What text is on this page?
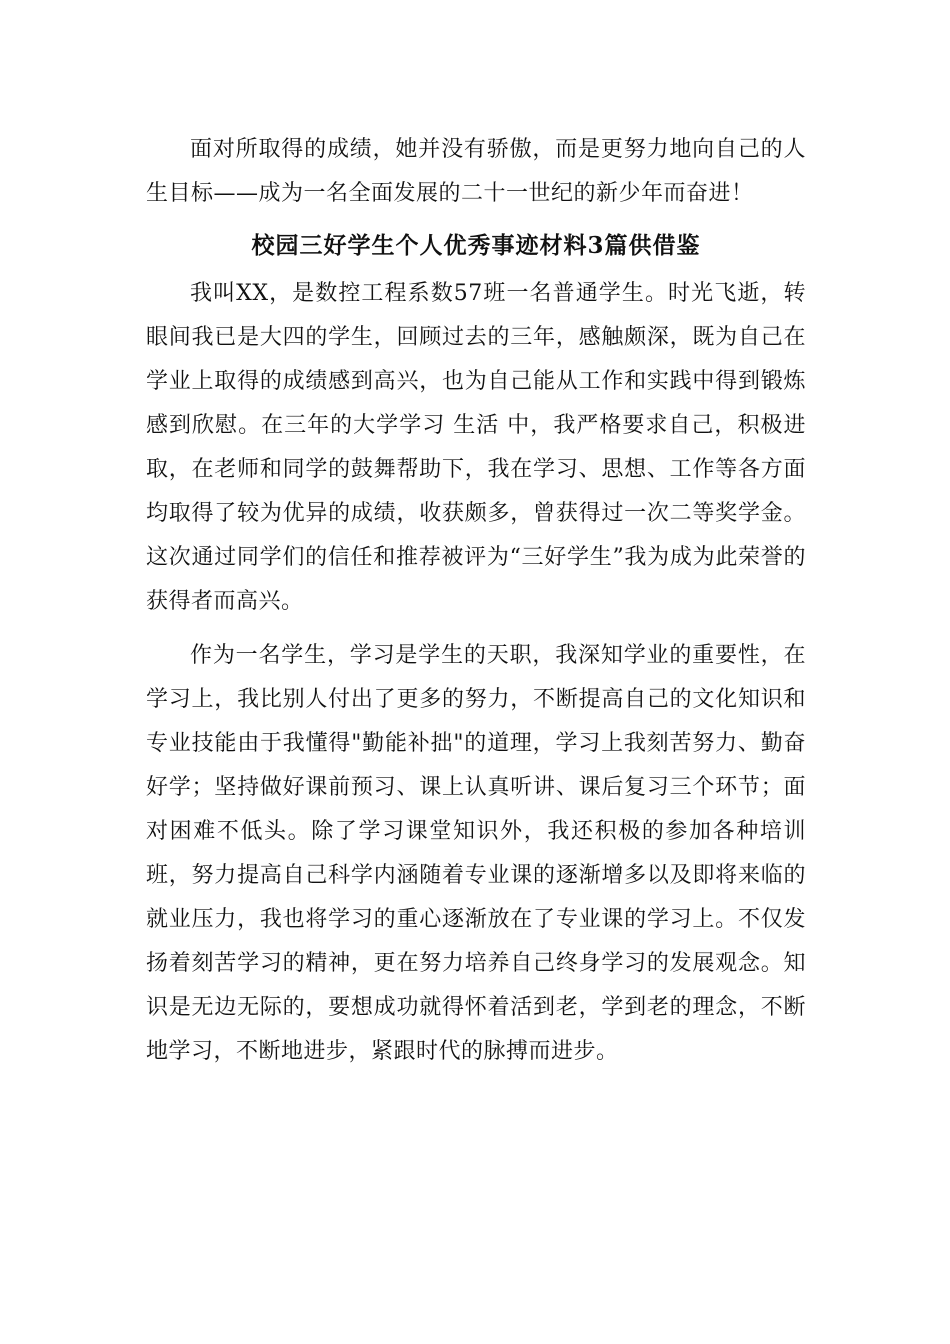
面对所取得的成绩，她并没有骄傲，而是更努力地向自己的人生目标——成为一名全面发展的二十一世纪的新少年而奋进！

校园三好学生个人优秀事迹材料3篇供借鉴

我叫XX，是数控工程系数57班一名普通学生。时光飞逝，转眼间我已是大四的学生，回顾过去的三年，感触颇深，既为自己在学业上取得的成绩感到高兴，也为自己能从工作和实践中得到锻炼感到欣慰。在三年的大学学习 生活 中，我严格要求自己，积极进取，在老师和同学的鼓舞帮助下，我在学习、思想、工作等各方面均取得了较为优异的成绩，收获颇多，曾获得过一次二等奖学金。这次通过同学们的信任和推荐被评为“三好学生”我为成为此荣誉的获得者而高兴。

作为一名学生，学习是学生的天职，我深知学业的重要性，在学习上，我比别人付出了更多的努力，不断提高自己的文化知识和专业技能由于我懂得"勤能补拙"的道理，学习上我刻苦努力、勤奋好学；坚持做好课前预习、课上认真听讲、课后复习三个环节；面对困难不低头。除了学习课堂知识外，我还积极的参加各种培训班，努力提高自己科学内涵随着专业课的逐渐增多以及即将来临的就业压力，我也将学习的重心逐渐放在了专业课的学习上。不仅发扬着刻苦学习的精神，更在努力培养自己终身学习的发展观念。知识是无边无际的，要想成功就得怀着活到老，学到老的理念，不断地学习，不断地进步，紧跟时代的脉搏而进步。
